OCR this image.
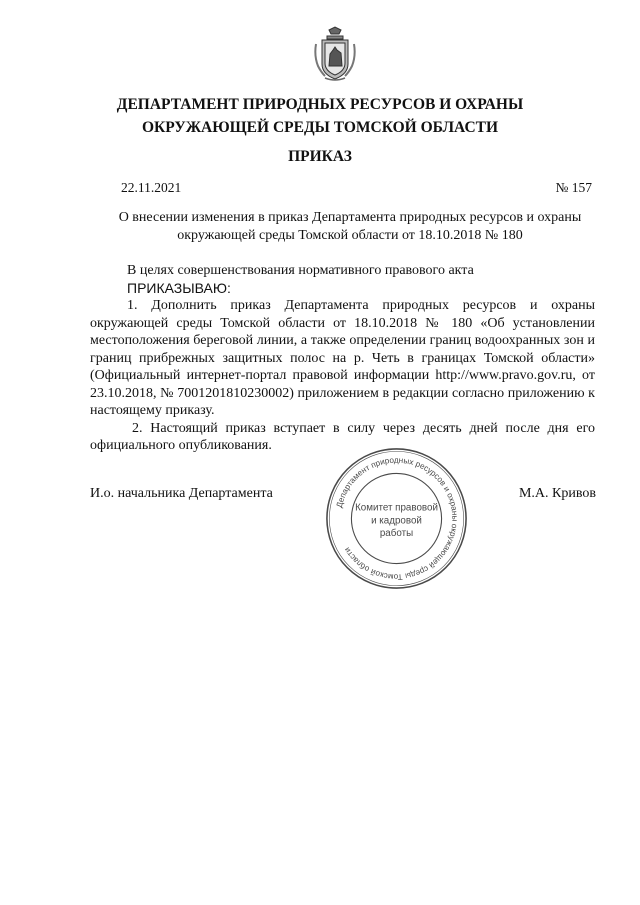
ДЕПАРТАМЕНТ ПРИРОДНЫХ РЕСУРСОВ И ОХРАНЫ
ОКРУЖАЮЩЕЙ СРЕДЫ ТОМСКОЙ ОБЛАСТИ
ПРИКАЗ
22.11.2021	№ 157
О внесении изменения в приказ Департамента природных ресурсов и охраны
окружающей среды Томской области от 18.10.2018 № 180

В целях совершенствования нормативного правового акта

ПРИКАЗЫВАЮ:

1. Дополнить приказ Департамента природных ресурсов и охраны окружающей среды Томской области от 18.10.2018 № 180 «Об установлении местоположения береговой линии, а также определении границ водоохранных зон и границ прибрежных защитных полос на р. Четь в границах Томской области» (Официальный интернет-портал правовой информации http://www.pravo.gov.ru, от 23.10.2018, № 7001201810230002) приложением в редакции согласно приложению к настоящему приказу.

2. Настоящий приказ вступает в силу через десять дней после дня его официального опубликования.

И.о. начальника Департамента	М.А. Кривов
Департамент природных ресурсов и охраны окружающей среды Томской области
Комитет правовой
и кадровой
работы
